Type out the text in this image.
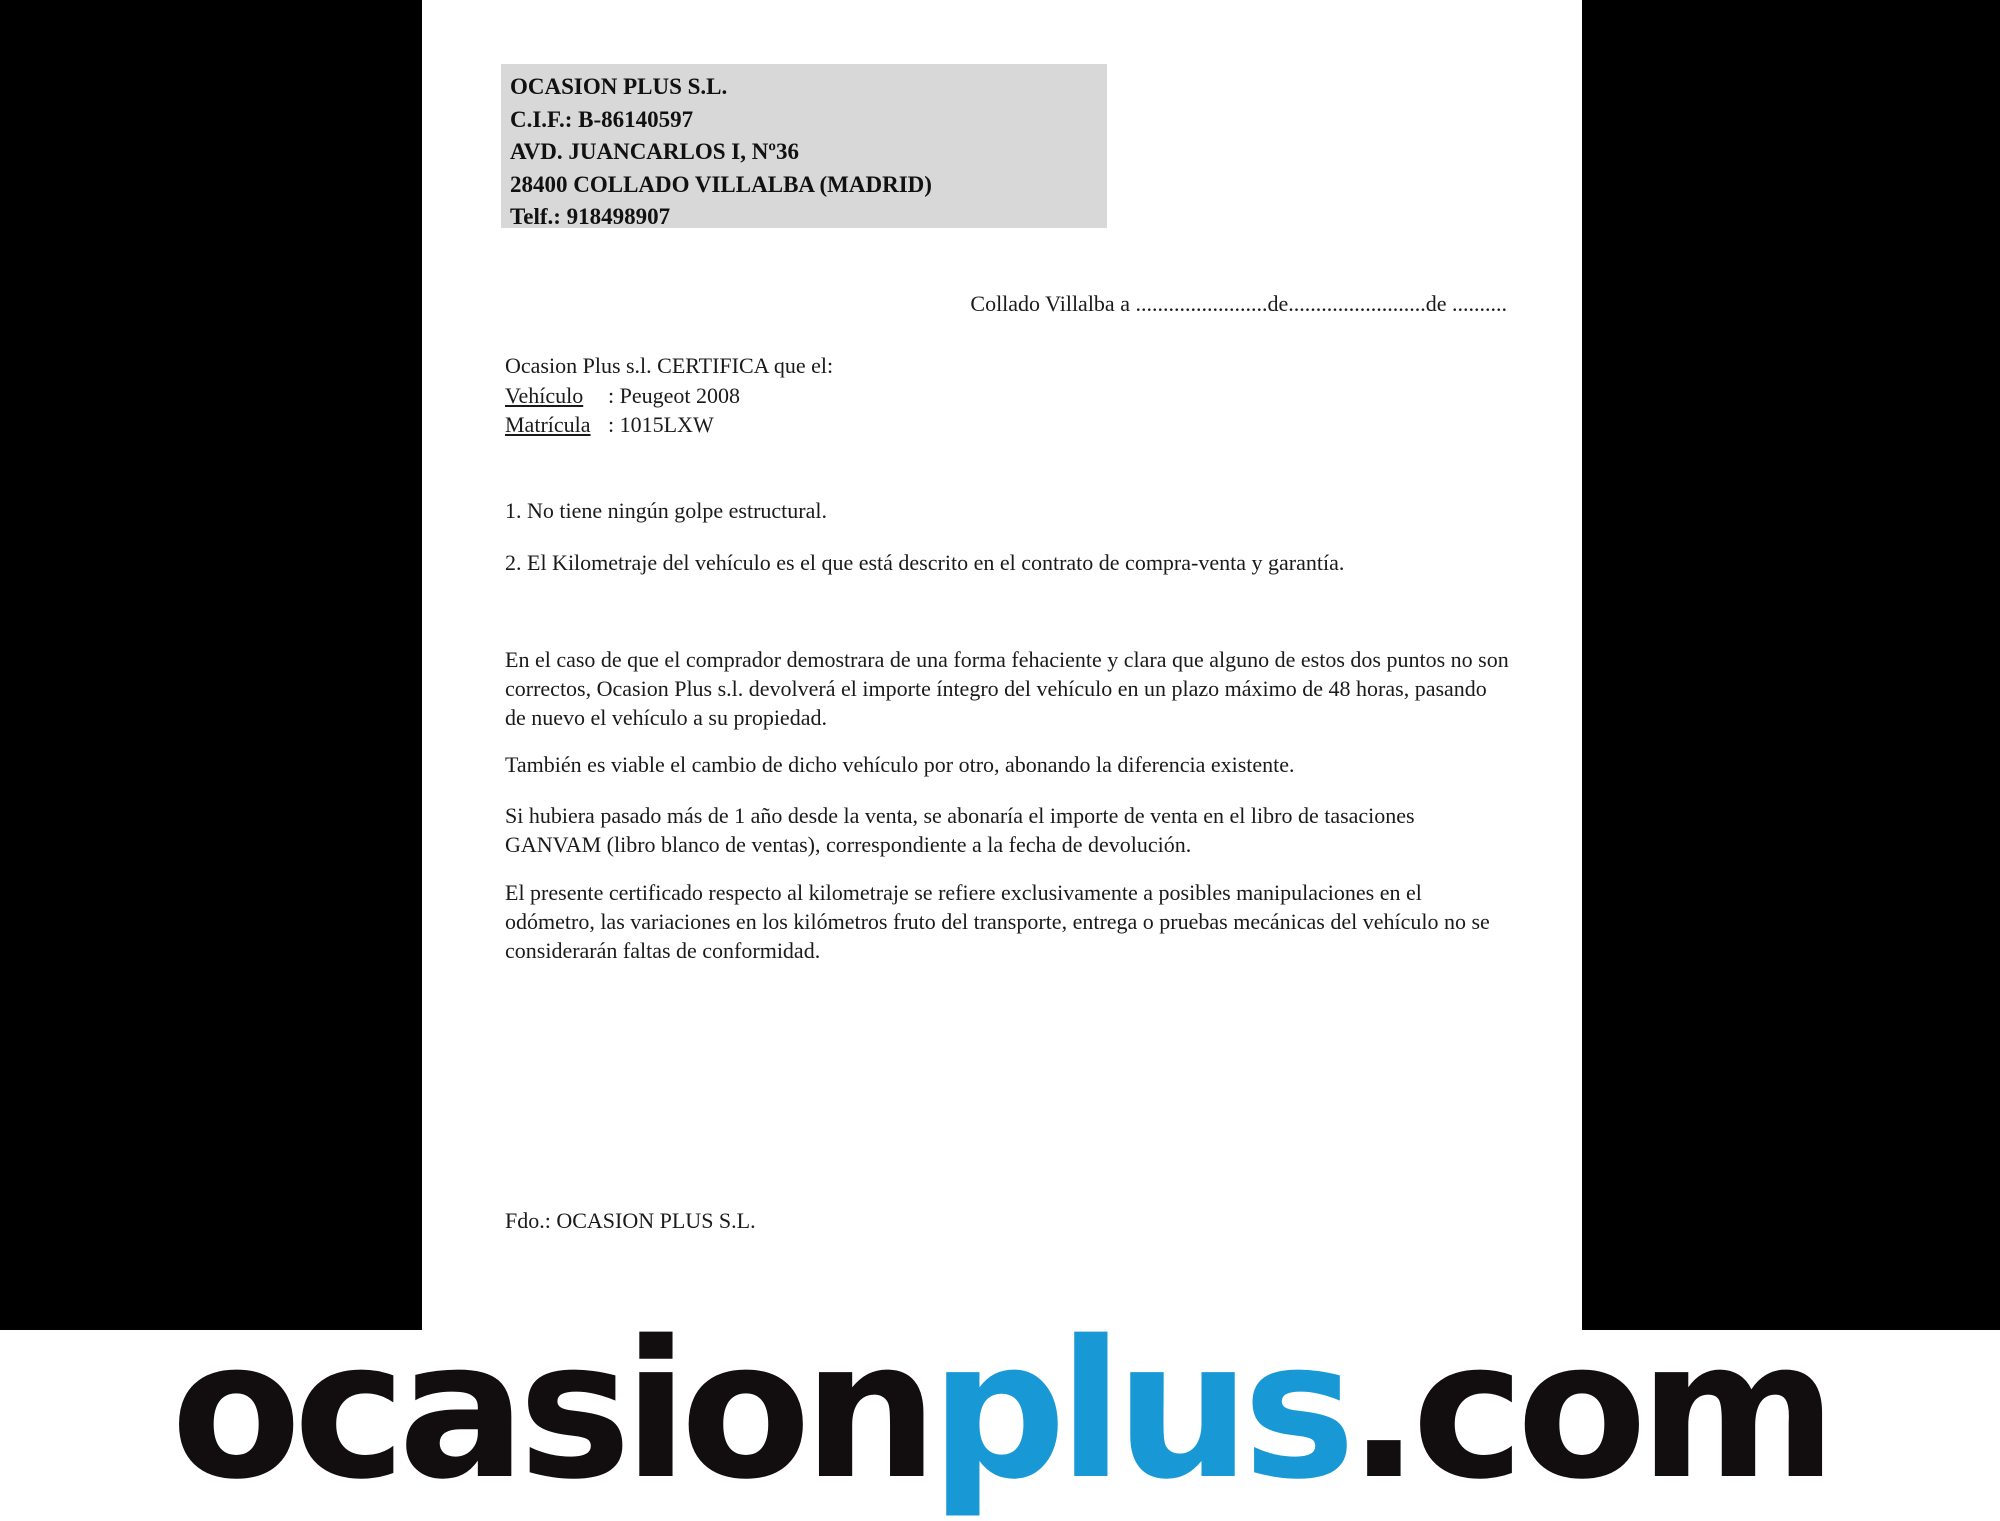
OCASION PLUS S.L.
C.I.F.: B-86140597
AVD. JUANCARLOS I, Nº36
28400 COLLADO VILLALBA (MADRID)
Telf.: 918498907
Collado Villalba a ........................de.........................de ..........
Ocasion Plus s.l. CERTIFICA que el:
Vehículo : Peugeot 2008
Matrícula : 1015LXW

1. No tiene ningún golpe estructural.

2. El Kilometraje del vehículo es el que está descrito en el contrato de compra-venta y garantía.

En el caso de que el comprador demostrara de una forma fehaciente y clara que alguno de estos dos puntos no son correctos, Ocasion Plus s.l. devolverá el importe íntegro del vehículo en un plazo máximo de 48 horas, pasando de nuevo el vehículo a su propiedad.

También es viable el cambio de dicho vehículo por otro, abonando la diferencia existente.

Si hubiera pasado más de 1 año desde la venta, se abonaría el importe de venta en el libro de tasaciones GANVAM (libro blanco de ventas), correspondiente a la fecha de devolución.

El presente certificado respecto al kilometraje se refiere exclusivamente a posibles manipulaciones en el odómetro, las variaciones en los kilómetros fruto del transporte, entrega o pruebas mecánicas del vehículo no se considerarán faltas de conformidad.

Fdo.: OCASION PLUS S.L.

ocasionplus.com
